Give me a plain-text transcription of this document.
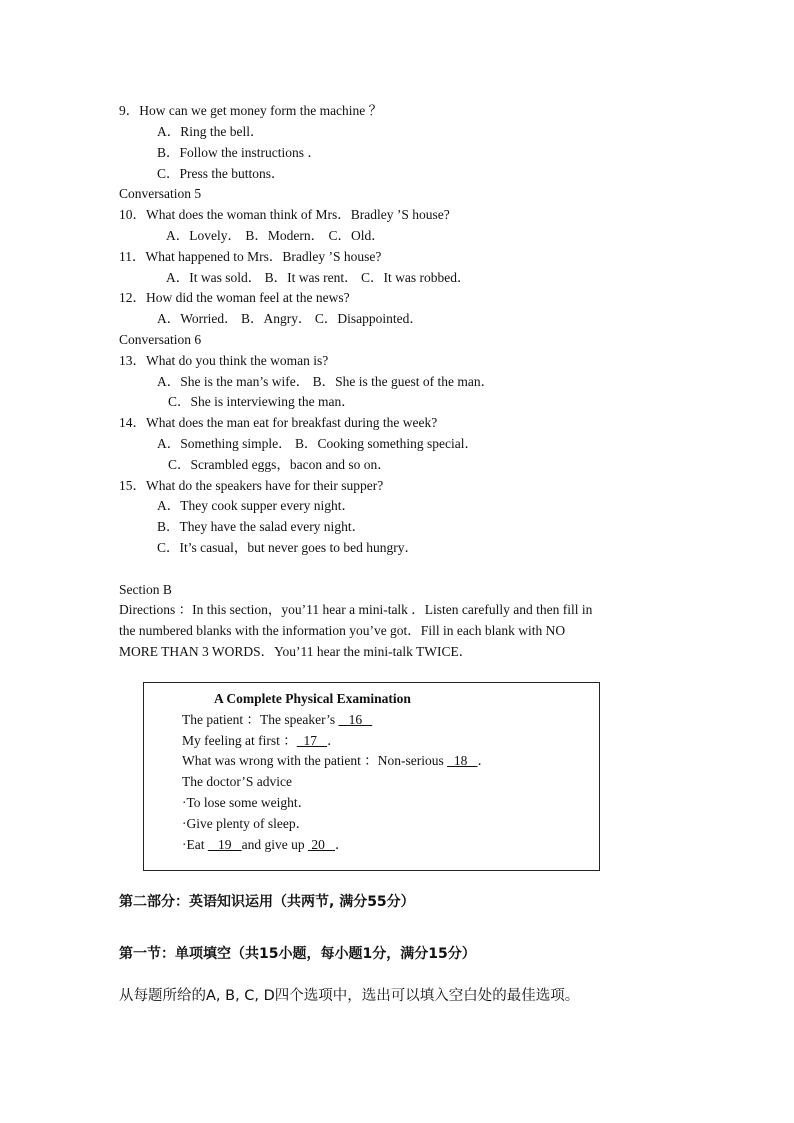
9．How can we get money form the machine ？
A．Ring the bell．
B．Follow the instructions ．
C．Press the buttons．
Conversation 5
10．What does the woman think of Mrs．Bradley ’S house?
A．Lovely． B．Modern． C．Old．
11．What happened to Mrs．Bradley ’S house?
A．It was sold． B．It was rent． C．It was robbed．
12．How did the woman feel at the news?
A．Worried． B．Angry． C．Disappointed．
Conversation 6
13．What do you think the woman is?
A．She is the man’s wife． B．She is the guest of the man．
C．She is interviewing the man．
14．What does the man eat for breakfast during the week?
A．Something simple． B．Cooking something special．
C．Scrambled eggs，bacon and so on．
15．What do the speakers have for their supper?
A．They cook supper every night．
B．They have the salad every night．
C．It’s casual，but never goes to bed hungry．
Section B
Directions ：In this section，you’11 hear a mini-talk ．Listen carefully and then fill in
the numbered blanks with the information you’ve got．Fill in each blank with NO
MORE THAN 3 WORDS．You’11 hear the mini-talk TWICE．
A Complete Physical Examination
The patient ：The speaker’s    16
My feeling at first ：  17   ．
What was wrong with the patient ：Non-serious   18   ．
The doctor’S advice
·To lose some weight．
·Give plenty of sleep．
·Eat    19   and give up  20   ．
第二部分：英语知识运用（共两节, 满分55分）
第一节：单项填空（共15小题，每小题1分，满分15分）
从每题所给的A, B, C, D四个选项中，选出可以填入空白处的最佳选项。
